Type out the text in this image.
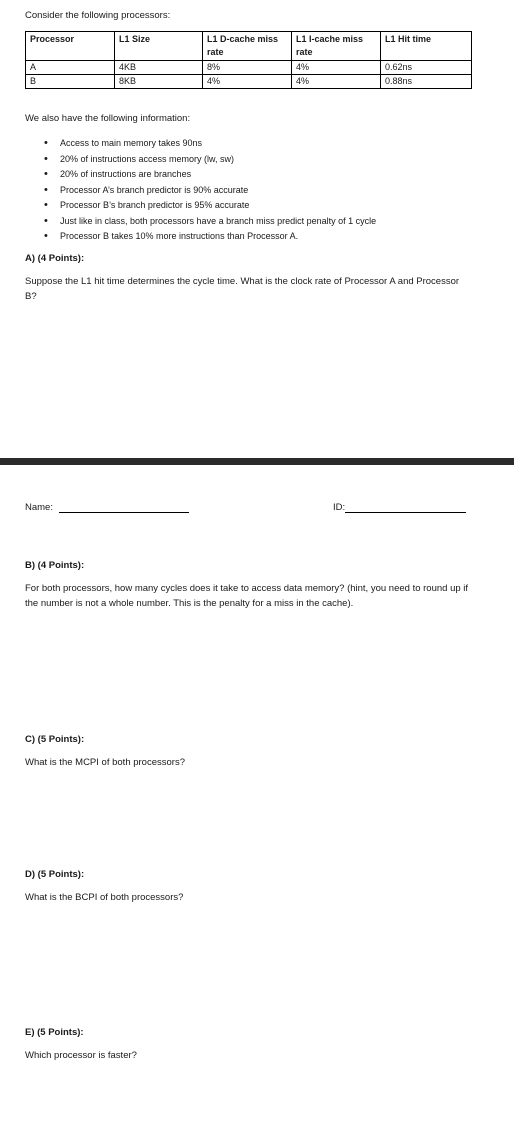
Consider the following processors:
Processor	L1 Size	L1 D-cache miss rate	L1 I-cache miss rate	L1 Hit time
A	4KB	8%	4%	0.62ns
B	8KB	4%	4%	0.88ns
We also have the following information:
• Access to main memory takes 90ns
• 20% of instructions access memory (lw, sw)
• 20% of instructions are branches
• Processor A’s branch predictor is 90% accurate
• Processor B’s branch predictor is 95% accurate
• Just like in class, both processors have a branch miss predict penalty of 1 cycle
• Processor B takes 10% more instructions than Processor A.
A) (4 Points):
Suppose the L1 hit time determines the cycle time. What is the clock rate of Processor A and Processor B?
Name:	ID:
B) (4 Points):
For both processors, how many cycles does it take to access data memory? (hint, you need to round up if the number is not a whole number. This is the penalty for a miss in the cache).
C) (5 Points):
What is the MCPI of both processors?
D) (5 Points):
What is the BCPI of both processors?
E) (5 Points):
Which processor is faster?
